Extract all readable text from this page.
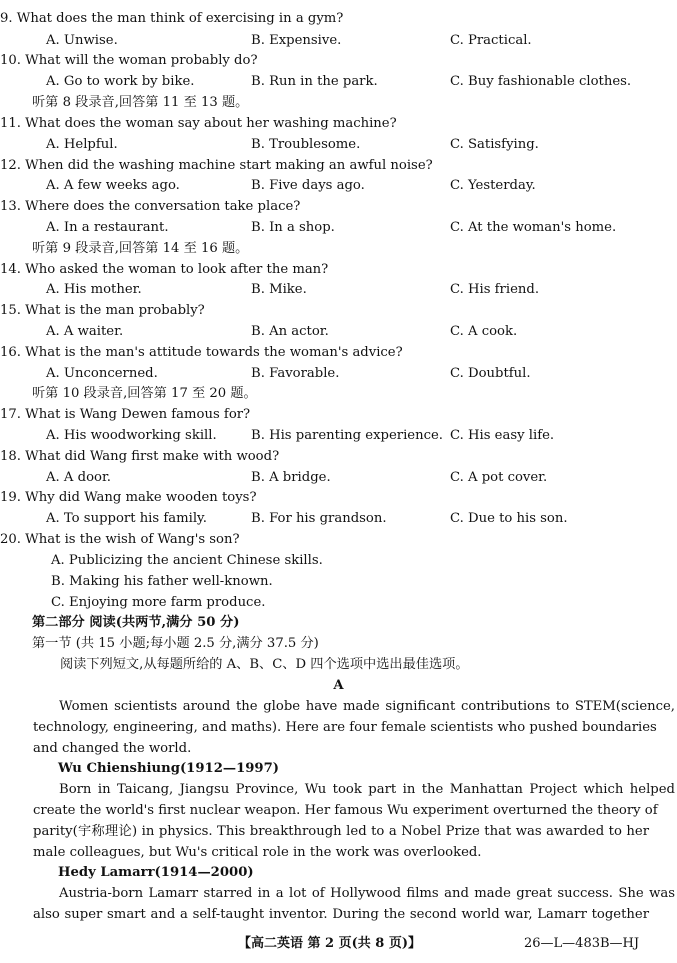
9. What does the man think of exercising in a gym?
A. Unwise.	B. Expensive.	C. Practical.
10. What will the woman probably do?
A. Go to work by bike.	B. Run in the park.	C. Buy fashionable clothes.
听第 8 段录音,回答第 11 至 13 题。
11. What does the woman say about her washing machine?
A. Helpful.	B. Troublesome.	C. Satisfying.
12. When did the washing machine start making an awful noise?
A. A few weeks ago.	B. Five days ago.	C. Yesterday.
13. Where does the conversation take place?
A. In a restaurant.	B. In a shop.	C. At the woman's home.
听第 9 段录音,回答第 14 至 16 题。
14. Who asked the woman to look after the man?
A. His mother.	B. Mike.	C. His friend.
15. What is the man probably?
A. A waiter.	B. An actor.	C. A cook.
16. What is the man's attitude towards the woman's advice?
A. Unconcerned.	B. Favorable.	C. Doubtful.
听第 10 段录音,回答第 17 至 20 题。
17. What is Wang Dewen famous for?
A. His woodworking skill.	B. His parenting experience. C. His easy life.
18. What did Wang first make with wood?
A. A door.	B. A bridge.	C. A pot cover.
19. Why did Wang make wooden toys?
A. To support his family.	B. For his grandson.	C. Due to his son.
20. What is the wish of Wang's son?
A. Publicizing the ancient Chinese skills.
B. Making his father well-known.
C. Enjoying more farm produce.
第二部分 阅读(共两节,满分 50 分)
第一节 (共 15 小题;每小题 2.5 分,满分 37.5 分)
阅读下列短文,从每题所给的 A、B、C、D 四个选项中选出最佳选项。
A
Women scientists around the globe have made significant contributions to STEM(science,
technology, engineering, and maths). Here are four female scientists who pushed boundaries
and changed the world.
Wu Chienshiung(1912—1997)
Born in Taicang, Jiangsu Province, Wu took part in the Manhattan Project which helped
create the world's first nuclear weapon. Her famous Wu experiment overturned the theory of
parity(宇称理论) in physics. This breakthrough led to a Nobel Prize that was awarded to her
male colleagues, but Wu's critical role in the work was overlooked.
Hedy Lamarr(1914—2000)
Austria-born Lamarr starred in a lot of Hollywood films and made great success. She was
also super smart and a self-taught inventor. During the second world war, Lamarr together
【高二英语 第 2 页(共 8 页)】	26—L—483B—HJ
